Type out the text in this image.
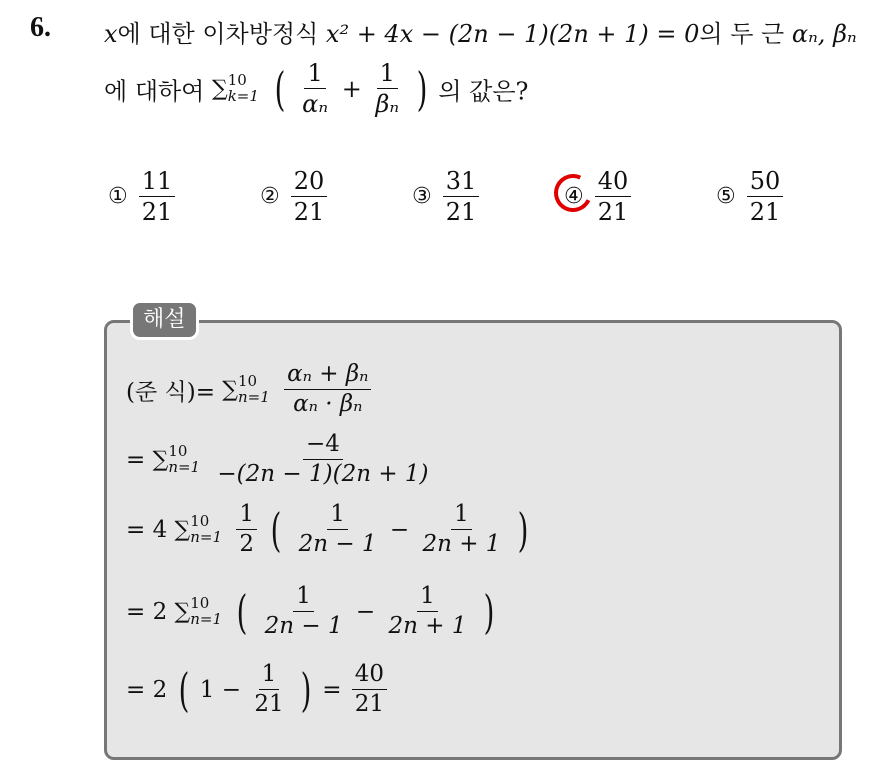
6. x에 대한 이차방정식 x² + 4x − (2n − 1)(2n + 1) = 0의 두 근 αₙ, βₙ
에 대하여 ∑ 10
k=1 ( $\frac{1}{\text{αₙ}} + \frac{1}{\text{βₙ}}$ ) 의 값은?
① $\frac{11}{21}$	② $\frac{20}{21}$	③ $\frac{31}{21}$	④ $\frac{40}{21}$	⑤ $\frac{50}{21}$
해설
(준 식)= ∑ 10
n=1
$\frac{\text{αₙ + βₙ}}{\text{αₙ · βₙ}}$
= ∑ 10
n=1
$\frac{-4}{-(2n - 1)(2n + 1)}$
= 4 ∑ 10
n=1
$\frac{1}{2}$ ( $\frac{1}{2n - 1} - \frac{1}{2n + 1}$ )
= 2 ∑ 10
n=1 ( $\frac{1}{2n - 1} - \frac{1}{2n + 1}$ )
= 2 ( $1 - \frac{1}{21}$ ) = $\frac{40}{21}$
